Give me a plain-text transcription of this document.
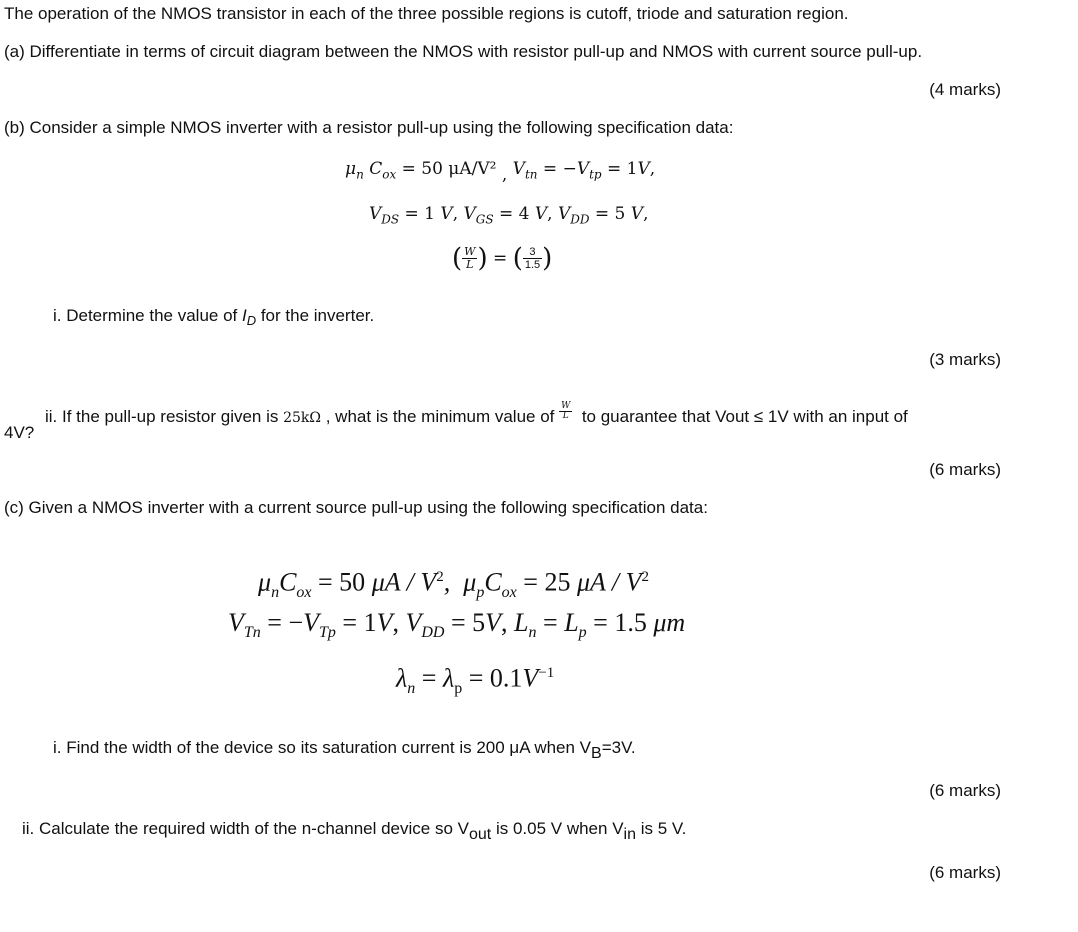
The operation of the NMOS transistor in each of the three possible regions is cutoff, triode and saturation region.
(a) Differentiate in terms of circuit diagram between the NMOS with resistor pull-up and NMOS with current source pull-up.
(4 marks)
(b) Consider a simple NMOS inverter with a resistor pull-up using the following specification data:
$\mu_n$ $C_{ox} = 50$ μA/V² , $V_{tn} = -V_{tp} = 1V$,
$V_{DS} = 1$ V, $V_{GS} = 4$ V, $V_{DD} = 5$ V,
( $\frac{W}{L}$ ) = ( $\frac{3}{1.5}$ )
i. Determine the value of $I_D$ for the inverter.
(3 marks)
ii. If the pull-up resistor given is 25kΩ , what is the minimum value of $\frac{W}{L}$ to guarantee that Vout ≤ 1V with an input of
4V?
(6 marks)
(c) Given a NMOS inverter with a current source pull-up using the following specification data:
$\mu_nC_{ox} = 50$ μA / $V^2$,  $\mu_pC_{ox} = 25$ μA / $V^2$
$V_{Tn} = -V_{Tp} = 1V$, $V_{DD} = 5V$, $L_n = L_p = 1.5$ μm
$\lambda_n = \lambda_p = 0.1V^{-1}$
i. Find the width of the device so its saturation current is 200 μA when VB=3V.
(6 marks)
ii. Calculate the required width of the n-channel device so Vout is 0.05 V when Vin is 5 V.
(6 marks)
